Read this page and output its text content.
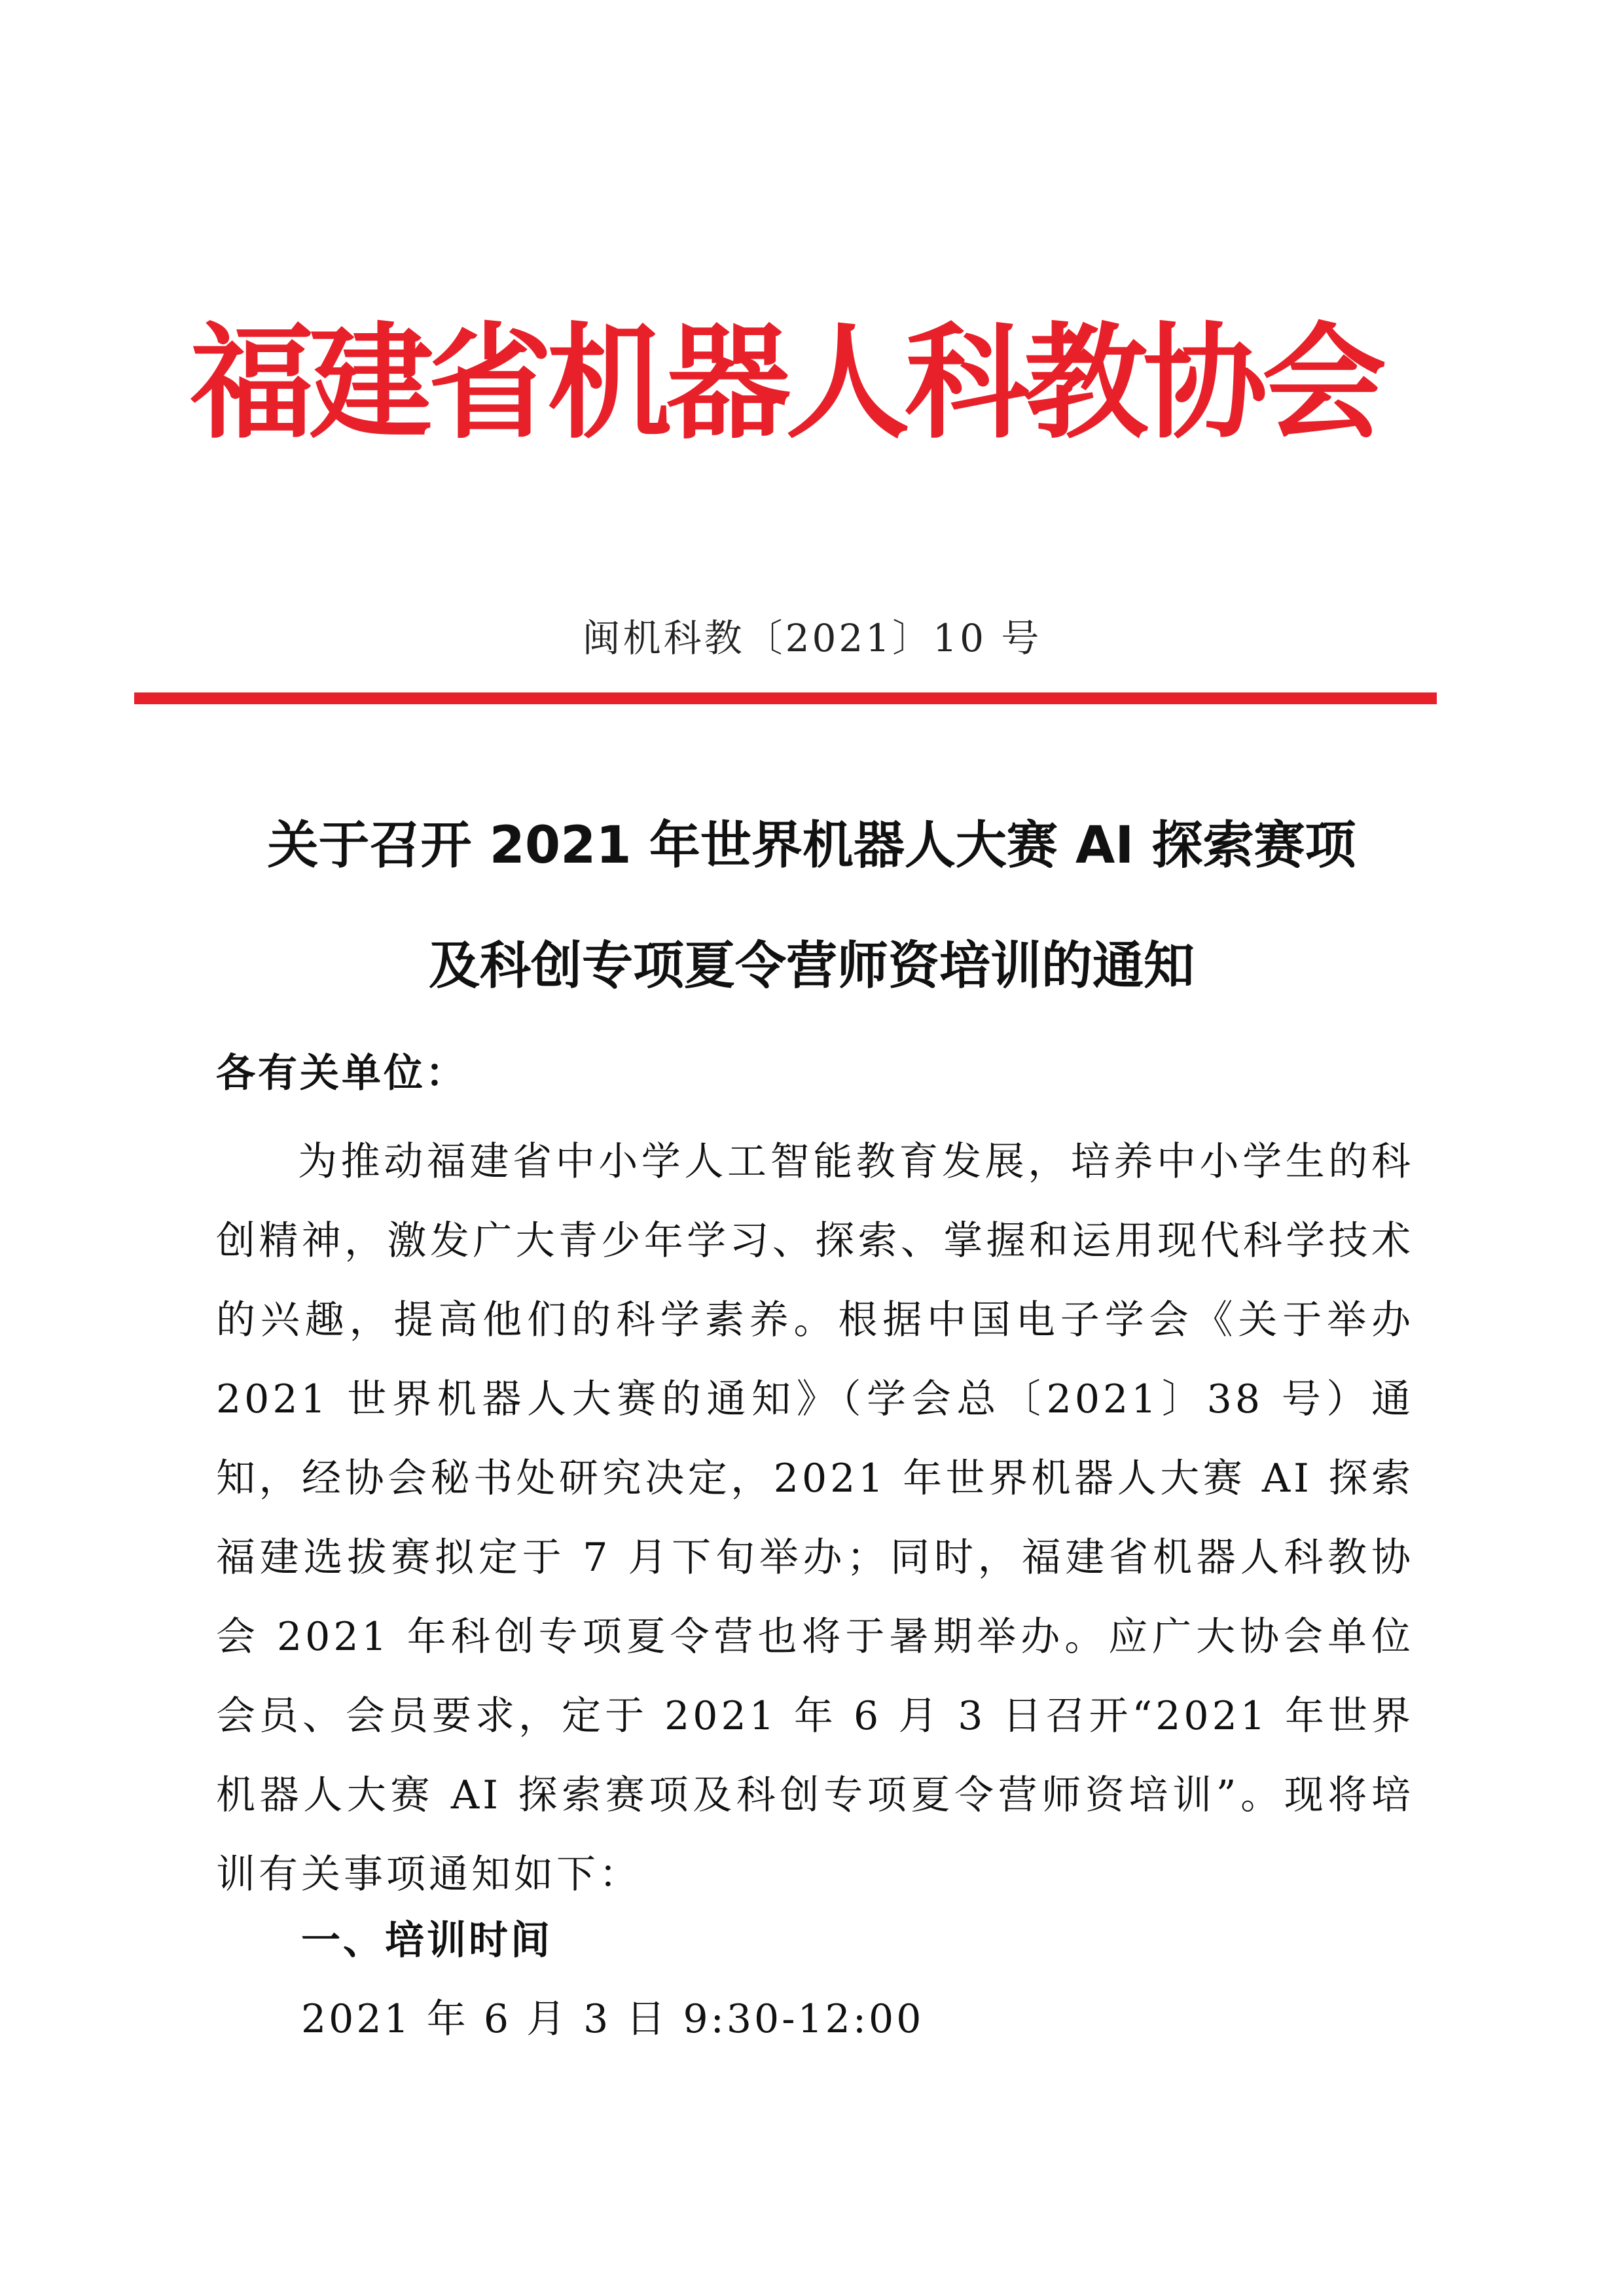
福建省机器人科教协会
闽机科教〔2021〕10 号
关于召开 2021 年世界机器人大赛 AI 探索赛项
及科创专项夏令营师资培训的通知
各有关单位：

为推动福建省中小学人工智能教育发展，培养中小学生的科创精神，激发广大青少年学习、探索、掌握和运用现代科学技术的兴趣，提高他们的科学素养。根据中国电子学会《关于举办 2021 世界机器人大赛的通知》（学会总〔2021〕38 号）通知，经协会秘书处研究决定，2021 年世界机器人大赛 AI 探索福建选拔赛拟定于 7 月下旬举办；同时，福建省机器人科教协会 2021 年科创专项夏令营也将于暑期举办。应广大协会单位会员、会员要求，定于 2021 年 6 月 3 日召开“2021 年世界机器人大赛 AI 探索赛项及科创专项夏令营师资培训”。现将培训有关事项通知如下：

一、培训时间
2021 年 6 月 3 日 9:30-12:00
